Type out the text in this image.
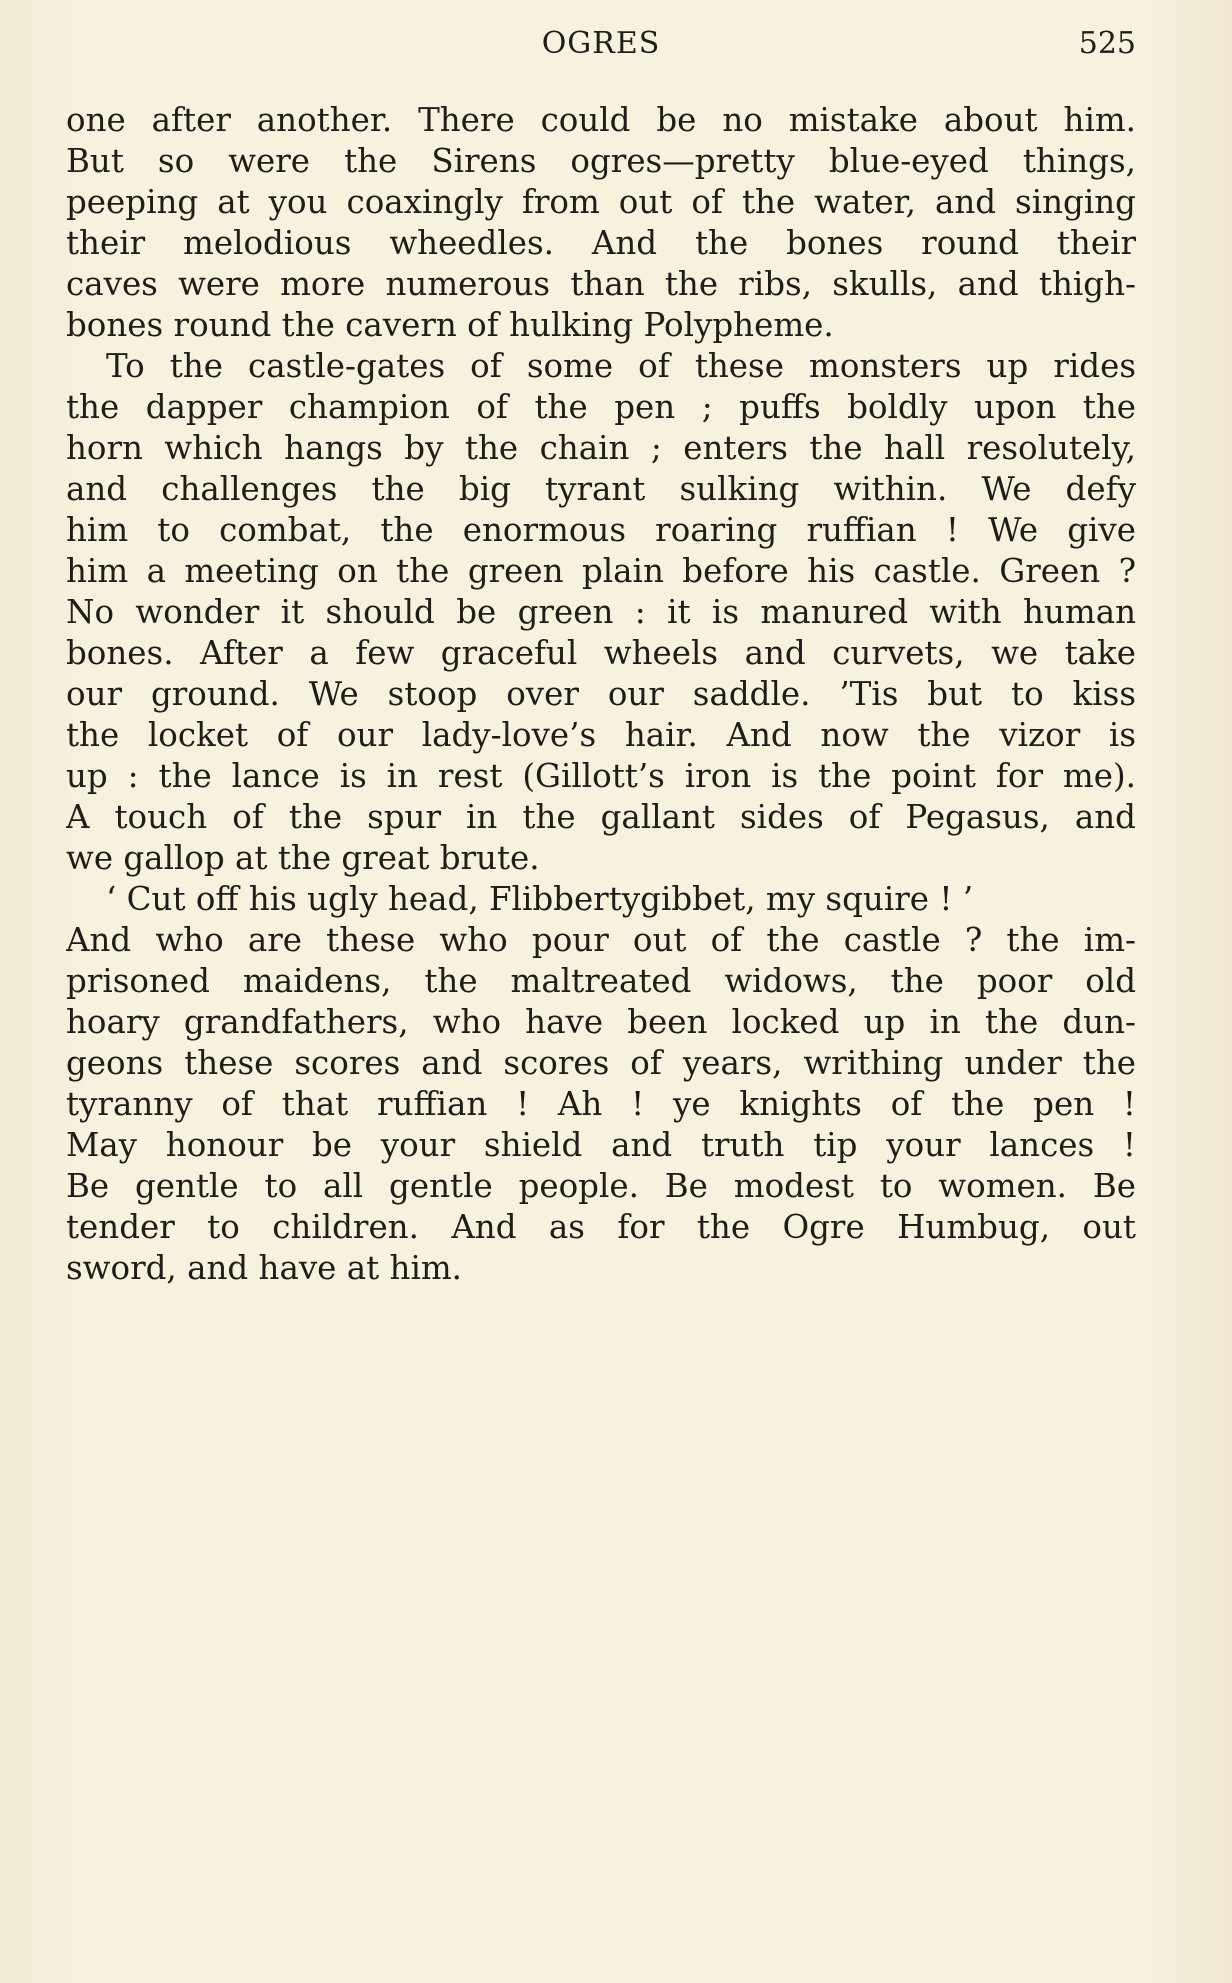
OGRES	525
one after another. There could be no mistake about him.
But so were the Sirens ogres—pretty blue-eyed things,
peeping at you coaxingly from out of the water, and singing
their melodious wheedles. And the bones round their
caves were more numerous than the ribs, skulls, and thigh-
bones round the cavern of hulking Polypheme.
To the castle-gates of some of these monsters up rides
the dapper champion of the pen ; puffs boldly upon the
horn which hangs by the chain ; enters the hall resolutely,
and challenges the big tyrant sulking within. We defy
him to combat, the enormous roaring ruffian ! We give
him a meeting on the green plain before his castle. Green ?
No wonder it should be green : it is manured with human
bones. After a few graceful wheels and curvets, we take
our ground. We stoop over our saddle. ’Tis but to kiss
the locket of our lady-love’s hair. And now the vizor is
up : the lance is in rest (Gillott’s iron is the point for me).
A touch of the spur in the gallant sides of Pegasus, and
we gallop at the great brute.
‘ Cut off his ugly head, Flibbertygibbet, my squire ! ’
And who are these who pour out of the castle ? the im-
prisoned maidens, the maltreated widows, the poor old
hoary grandfathers, who have been locked up in the dun-
geons these scores and scores of years, writhing under the
tyranny of that ruffian ! Ah ! ye knights of the pen !
May honour be your shield and truth tip your lances !
Be gentle to all gentle people. Be modest to women. Be
tender to children. And as for the Ogre Humbug, out
sword, and have at him.
